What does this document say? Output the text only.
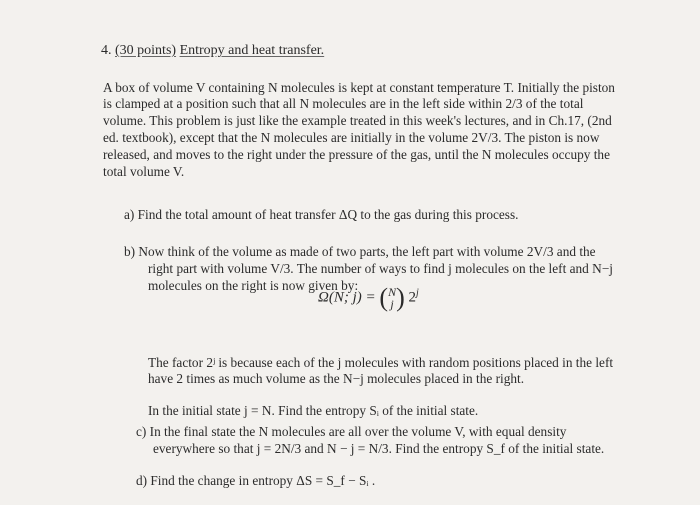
4. (30 points) Entropy and heat transfer.
A box of volume V containing N molecules is kept at constant temperature T. Initially the piston
is clamped at a position such that all N molecules are in the left side within 2/3 of the total
volume. This problem is just like the example treated in this week's lectures, and in Ch.17, (2nd
ed. textbook), except that the N molecules are initially in the volume 2V/3. The piston is now
released, and moves to the right under the pressure of the gas, until the N molecules occupy the
total volume V.
a) Find the total amount of heat transfer ΔQ to the gas during this process.
b) Now think of the volume as made of two parts, the left part with volume 2V/3 and the
right part with volume V/3. The number of ways to find j molecules on the left and N−j
molecules on the right is now given by:
Ω(N; j) = (N
j) 2$^j$
The factor 2ʲ is because each of the j molecules with random positions placed in the left
have 2 times as much volume as the N−j molecules placed in the right.
In the initial state j = N. Find the entropy Sᵢ of the initial state.
c) In the final state the N molecules are all over the volume V, with equal density
everywhere so that j = 2N/3 and N − j = N/3. Find the entropy S_f of the initial state.
d) Find the change in entropy ΔS = S_f − Sᵢ .
